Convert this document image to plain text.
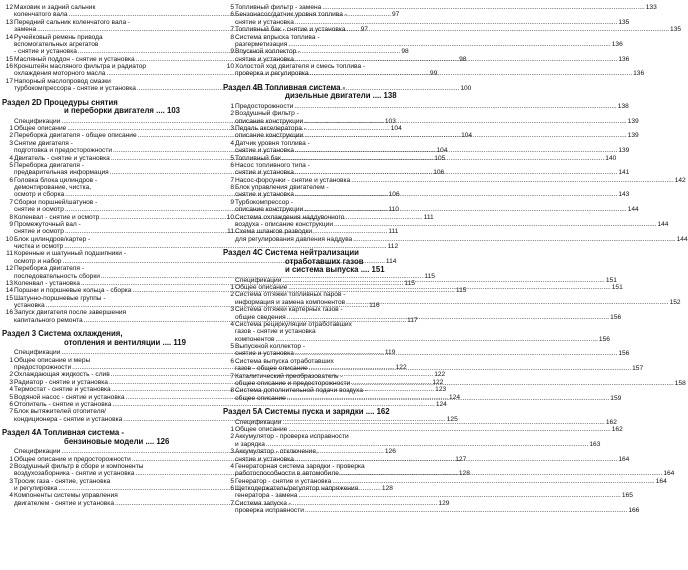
12 Маховик и задний сальник
коленчатого вала .....	97
13 Передний сальник коленчатого вала -
замена .....	97
14 Ручейковый ремень привода
вспомогательных агрегатов
- снятие и установка .....	98
15 Масляный поддон - снятие и установка .....	98
16 Кронштейн масляного фильтра и радиатор
охлаждения моторного масла .....	99
17 Напорный маслопровод смазки
турбокомпрессора - снятие и установка .....	100
Раздел 2D Процедуры снятия
и переборки двигателя .... 103
Спецификации .....	103
1 Общее описание .....	104
2 Переборка двигателя - общее описание .....	104
3 Снятие двигателя -
подготовка и предосторожности .....	104
4 Двигатель - снятие и установка .....	105
5 Переборка двигателя -
предварительная информация .....	106
6 Головка блока цилиндров -
демонтирование, чистка,
осмотр и сборка .....	106
7 Сборки поршней/шатунов -
снятие и осмотр .....	110
8 Коленвал - снятие и осмотр .....	111
9 Промежуточный вал -
снятие и осмотр .....	111
10 Блок цилиндров/картер -
чистка и осмотр .....	112
11 Коренные и шатунный подшипники -
осмотр и набор .....	114
12 Переборка двигателя -
последовательность сборки .....	115
13 Коленвал - установка .....	115
14 Поршни и поршневые кольца - сборка .....	115
15 Шатунно-поршневые группы -
установка .....	116
16 Запуск двигателя после завершения
капитального ремонта .....	117
Раздел 3 Система охлаждения,
отопления и вентиляции .... 119
Спецификации .....	119
1 Общее описание и меры
предосторожности .....	122
2 Охлаждающая жидкость - слив .....	122
3 Радиатор - снятие и установка .....	122
4 Термостат - снятие и установка .....	123
5 Водяной насос - снятие и установка .....	124
6 Отопитель - снятие и установка .....	124
7 Блок вытяжителей отопителя/
кондиционера - снятие и установка .....	125
Раздел 4A Топливная система -
бензиновые модели .... 126
Спецификации .....	126
1 Общее описание и предосторожности .....	127
2 Воздушный фильтр в сборе и компоненты
воздухозаборника - снятие и установка .....	128
3 Тросик газа - снятие, установка
и регулировка .....	128
4 Компоненты системы управления
двигателем - снятие и установка .....	129
5 Топливный фильтр - замена .....	133
6 Бензонасос/датчик уровня топлива -
снятие и установка .....	135
7 Топливный бак - снятие и установка .....	135
8 Система впрыска топлива -
разгерметизация .....	136
9 Впускной коллектор -
снятие и установка .....	136
10 Холостой ход двигателя и смесь топлива -
проверка и регулировка .....	136
Раздел 4B Топливная система -
дизельные двигатели .... 138
1 Предосторожности .....	138
2 Воздушный фильтр -
описание конструкции .....	139
3 Педаль акселератора -
описание конструкции .....	139
4 Датчик уровня топлива -
снятие и установка .....	139
5 Топливный бак .....	140
6 Насос топливного типа -
снятие и установка .....	141
7 Насос-форсунки - снятие и установка .....	142
8 Блок управления двигателем -
снятие и установка .....	143
9 Турбокомпрессор -
описание конструкции .....	144
10 Система охлаждения наддувочного
воздуха - описание конструкции .....	144
11 Схема шлангов разводки
для регулирования давления наддува .....	144
Раздел 4C Система нейтрализации
отработавших газов
и система выпуска .... 151
Спецификации .....	151
1 Общее описание .....	151
2 Система отгяжки топливных паров -
информация и замена компонентов .....	152
3 Система отгяжки картерных газов -
общие сведения .....	156
4 Система рециркуляции отработавших
газов - снятие и установка
компонентов .....	156
5 Выпускной коллектор -
снятие и установка .....	156
6 Система выпуска отработавших
газов - общее описание .....	157
7 Каталитический преобразователь -
общее описание и предосторожности .....	158
8 Система дополнительной подачи воздуха -
общее описание .....	159
Раздел 5A Системы пуска и зарядки .... 162
Спецификации .....	162
1 Общее описание .....	162
2 Аккумулятор - проверка исправности
и зарядка .....	163
3 Аккумулятор - отключение,
снятие и установка .....	164
4 Генераторная система зарядки - проверка
работоспособности в автомобиле .....	164
5 Генератор - снятие и установка .....	164
6 Щеткодержатель/регулятор напряжения
генератора - замена .....	165
7 Система запуска -
проверка исправности .....	166
